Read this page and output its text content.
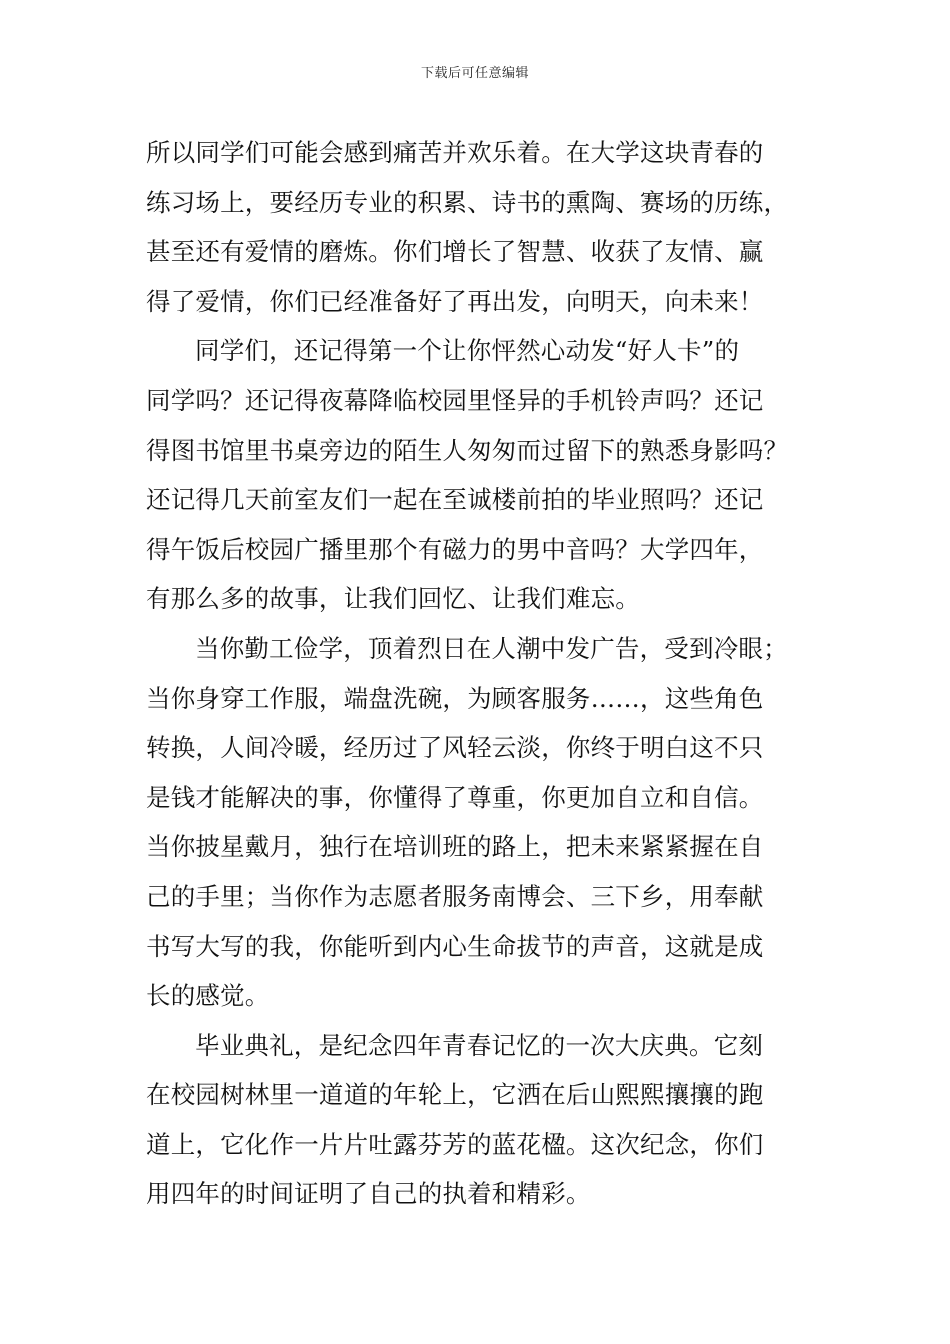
下载后可任意编辑
所以同学们可能会感到痛苦并欢乐着。在大学这块青春的
练习场上，要经历专业的积累、诗书的熏陶、赛场的历练，
甚至还有爱情的磨炼。你们增长了智慧、收获了友情、赢
得了爱情，你们已经准备好了再出发，向明天，向未来！
同学们，还记得第一个让你怦然心动发“好人卡”的
同学吗？还记得夜幕降临校园里怪异的手机铃声吗？还记
得图书馆里书桌旁边的陌生人匆匆而过留下的熟悉身影吗？
还记得几天前室友们一起在至诚楼前拍的毕业照吗？还记
得午饭后校园广播里那个有磁力的男中音吗？大学四年，
有那么多的故事，让我们回忆、让我们难忘。
当你勤工俭学，顶着烈日在人潮中发广告，受到冷眼；
当你身穿工作服，端盘洗碗，为顾客服务……，这些角色
转换，人间冷暖，经历过了风轻云淡，你终于明白这不只
是钱才能解决的事，你懂得了尊重，你更加自立和自信。
当你披星戴月，独行在培训班的路上，把未来紧紧握在自
己的手里；当你作为志愿者服务南博会、三下乡，用奉献
书写大写的我，你能听到内心生命拔节的声音，这就是成
长的感觉。
毕业典礼，是纪念四年青春记忆的一次大庆典。它刻
在校园树林里一道道的年轮上，它洒在后山熙熙攘攘的跑
道上，它化作一片片吐露芬芳的蓝花楹。这次纪念，你们
用四年的时间证明了自己的执着和精彩。
